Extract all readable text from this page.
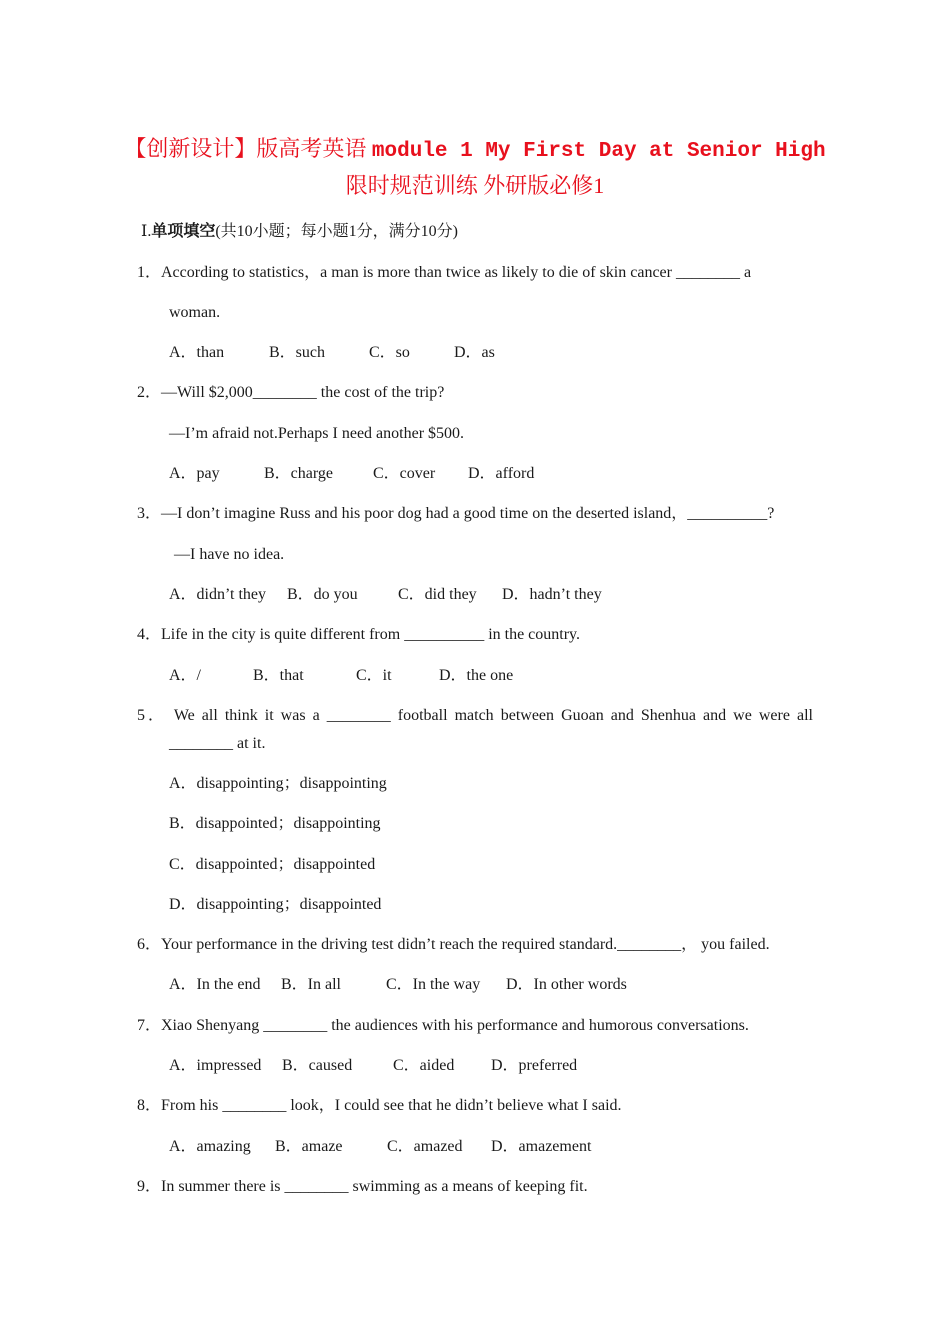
【创新设计】版高考英语 module 1 My First Day at Senior High
限时规范训练 外研版必修1
Ⅰ.单项填空(共10小题；每小题1分，满分10分)
1．According to statistics，a man is more than twice as likely to die of skin cancer ________ a
woman.
A．than	B．such	C．so	D．as
2．—Will $2,000________ the cost of the trip?
—I’m afraid not.Perhaps I need another $500.
A．pay	B．charge C．cover D．afford
3．—I don’t imagine Russ and his poor dog had a good time on the deserted island，__________?
—I have no idea.
A．didn’t they B．do you	C．did they D．hadn’t they
4．Life in the city is quite different from __________ in the country.
A．/	B．that	C．it	D．the one
5． We all think it was a ________ football match between Guoan and Shenhua and we were all
________ at it.
A．disappointing；disappointing
B．disappointed；disappointing
C．disappointed；disappointed
D．disappointing；disappointed
6．Your performance in the driving test didn’t reach the required standard.________， you failed.
A．In the end B．In all	C．In the way D．In other words
7．Xiao Shenyang ________ the audiences with his performance and humorous conversations.
A．impressed B．caused	C．aided D．preferred
8．From his ________ look，I could see that he didn’t believe what I said.
A．amazing B．amaze	C．amazed D．amazement
9．In summer there is ________ swimming as a means of keeping fit.
